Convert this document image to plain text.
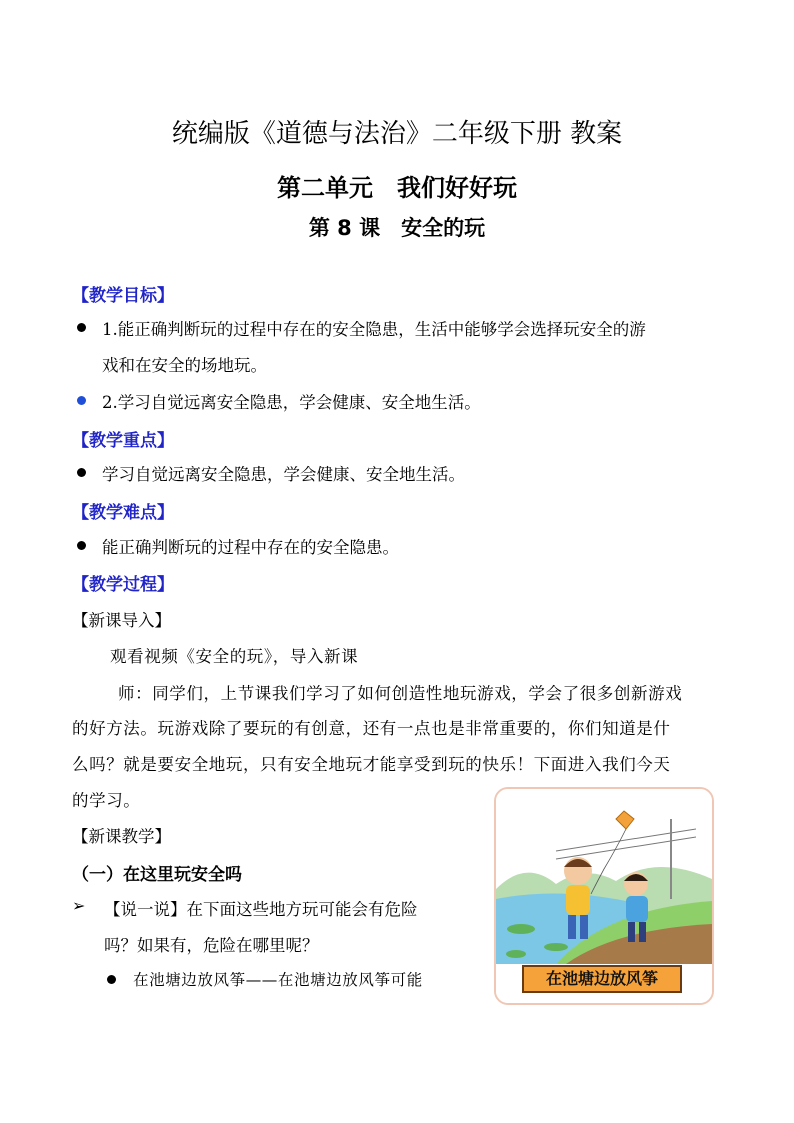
统编版《道德与法治》二年级下册 教案
第二单元　我们好好玩
第 8 课　安全的玩
【教学目标】
1.能正确判断玩的过程中存在的安全隐患，生活中能够学会选择玩安全的游
戏和在安全的场地玩。
2.学习自觉远离安全隐患，学会健康、安全地生活。
【教学重点】
学习自觉远离安全隐患，学会健康、安全地生活。
【教学难点】
能正确判断玩的过程中存在的安全隐患。
【教学过程】
【新课导入】
观看视频《安全的玩》，导入新课
师：同学们，上节课我们学习了如何创造性地玩游戏，学会了很多创新游戏
的好方法。玩游戏除了要玩的有创意，还有一点也是非常重要的，你们知道是什
么吗？就是要安全地玩，只有安全地玩才能享受到玩的快乐！下面进入我们今天
的学习。
【新课教学】
（一）在这里玩安全吗
➢ 【说一说】在下面这些地方玩可能会有危险
吗？如果有，危险在哪里呢？
在池塘边放风筝——在池塘边放风筝可能	在池塘边放风筝
